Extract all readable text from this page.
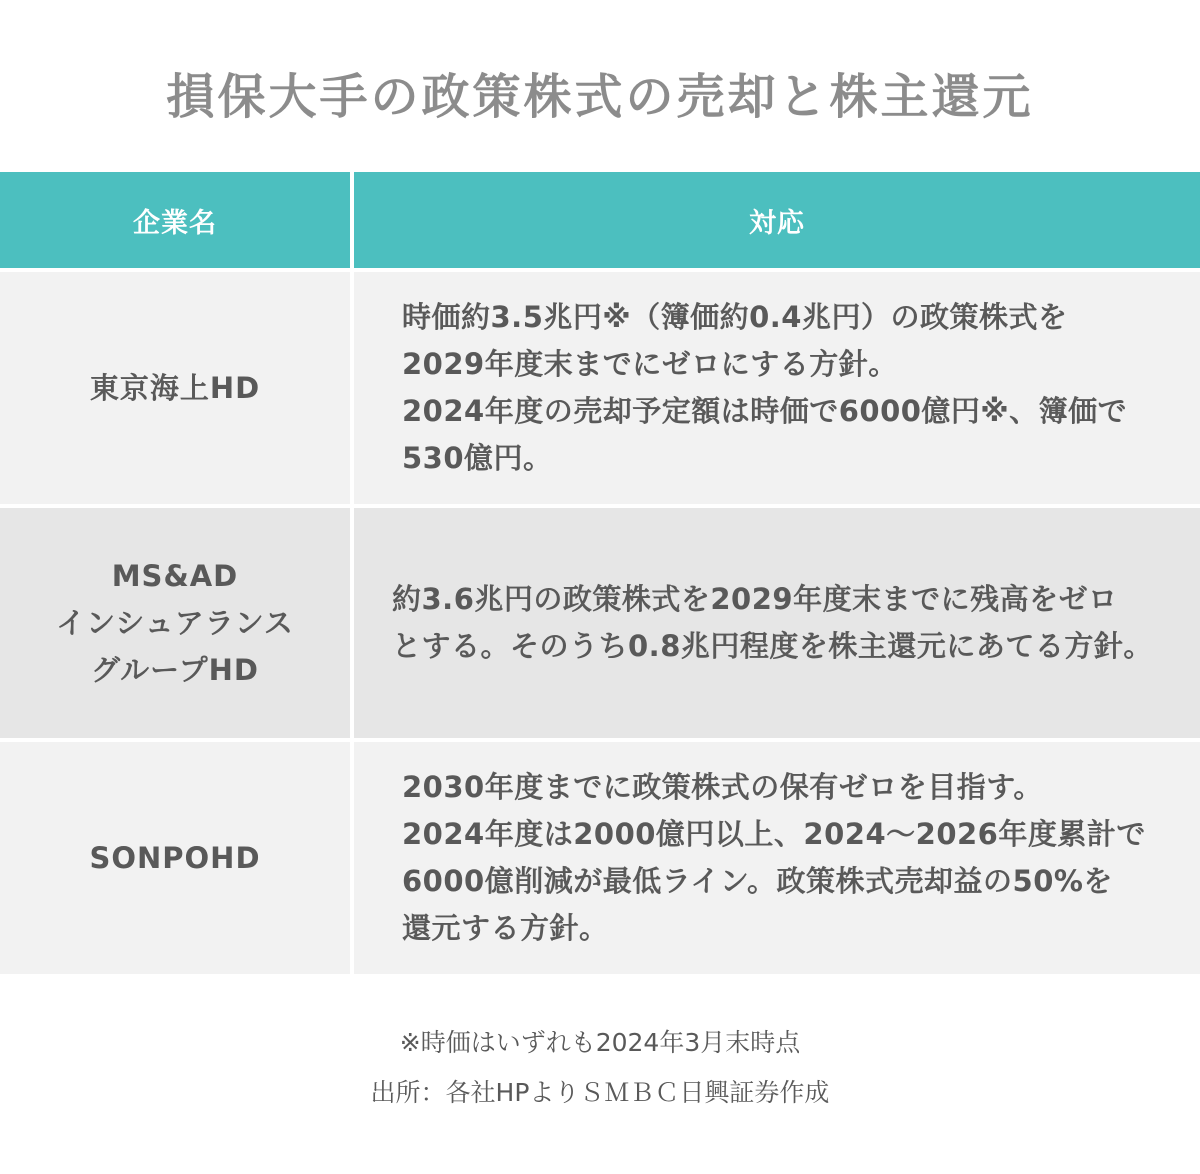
損保大手の政策株式の売却と株主還元
企業名	対応
東京海上HD
時価約3.5兆円※（簿価約0.4兆円）の政策株式を
2029年度末までにゼロにする方針。
2024年度の売却予定額は時価で6000億円※、簿価で
530億円。
MS&AD
インシュアランス
グループHD
約3.6兆円の政策株式を2029年度末までに残高をゼロ
とする。そのうち0.8兆円程度を株主還元にあてる方針。
SONPOHD
2030年度までに政策株式の保有ゼロを目指す。
2024年度は2000億円以上、2024〜2026年度累計で
6000億削減が最低ライン。政策株式売却益の50%を
還元する方針。
※時価はいずれも2024年3月末時点
出所：各社HPよりＳＭＢＣ日興証券作成
